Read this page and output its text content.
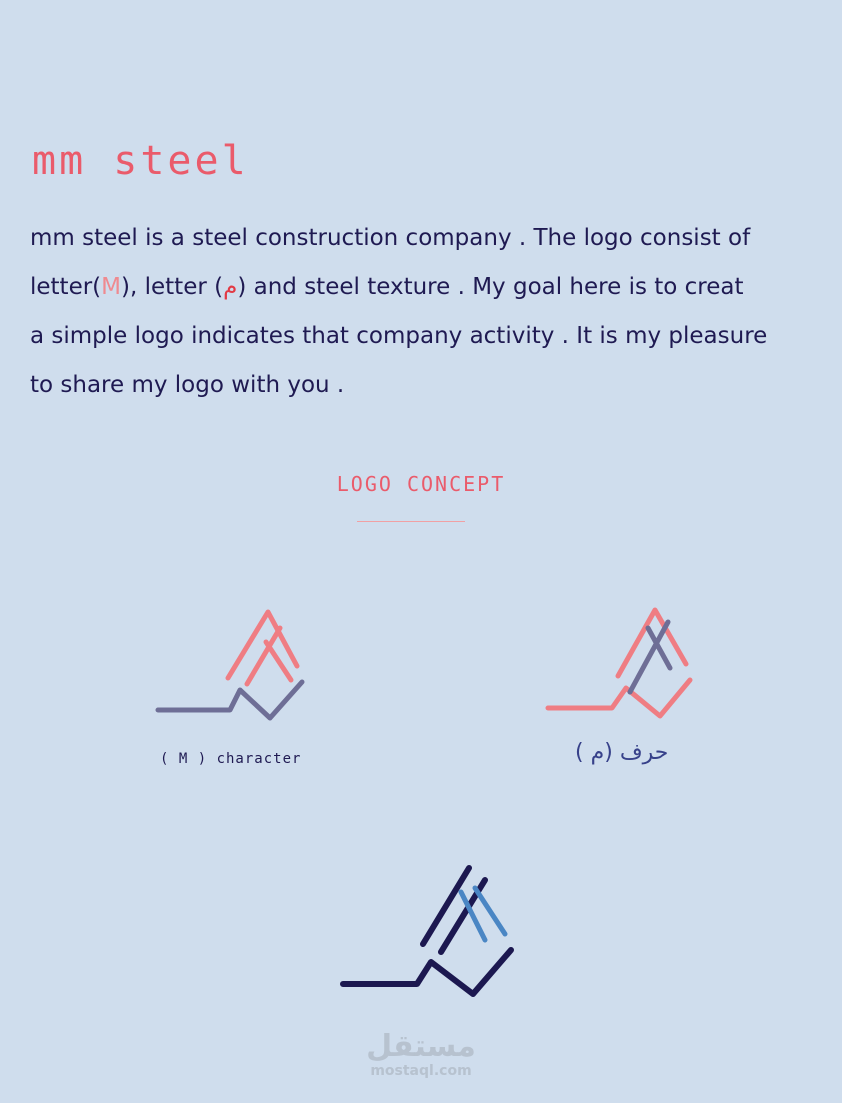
mm steel
mm steel is a steel construction company . The logo consist of
letter(M), letter (م) and steel texture . My goal here is to creat
a simple logo indicates that company activity . It is my pleasure
to share my logo with you .
LOGO CONCEPT
( M ) character	حرف (م )
مستقل
mostaql.com
